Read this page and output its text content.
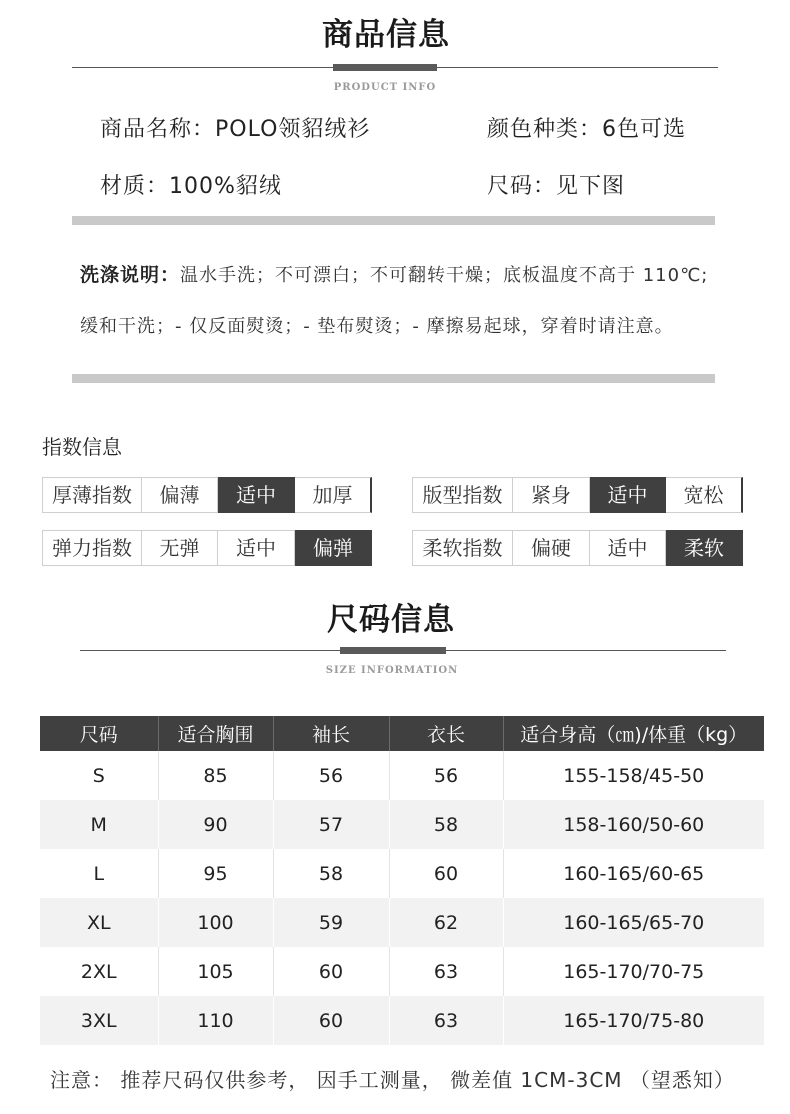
商品信息
PRODUCT INFO
商品名称：POLO领貂绒衫	颜色种类：6色可选
材质：100%貂绒	尺码：见下图
洗涤说明：温水手洗；不可漂白；不可翻转干燥；底板温度不高于 110℃;
缓和干洗；- 仅反面熨烫；- 垫布熨烫；- 摩擦易起球，穿着时请注意。
指数信息
厚薄指数	偏薄	适中	加厚	版型指数	紧身	适中	宽松
弹力指数	无弹	适中	偏弹	柔软指数	偏硬	适中	柔软
尺码信息
SIZE INFORMATION
尺码	适合胸围	袖长	衣长	适合身高（㎝)/体重（kg）
S	85	56	56	155-158/45-50
M	90	57	58	158-160/50-60
L	95	58	60	160-165/60-65
XL	100	59	62	160-165/65-70
2XL	105	60	63	165-170/70-75
3XL	110	60	63	165-170/75-80
注意： 推荐尺码仅供参考， 因手工测量， 微差值 1CM-3CM （望悉知）
